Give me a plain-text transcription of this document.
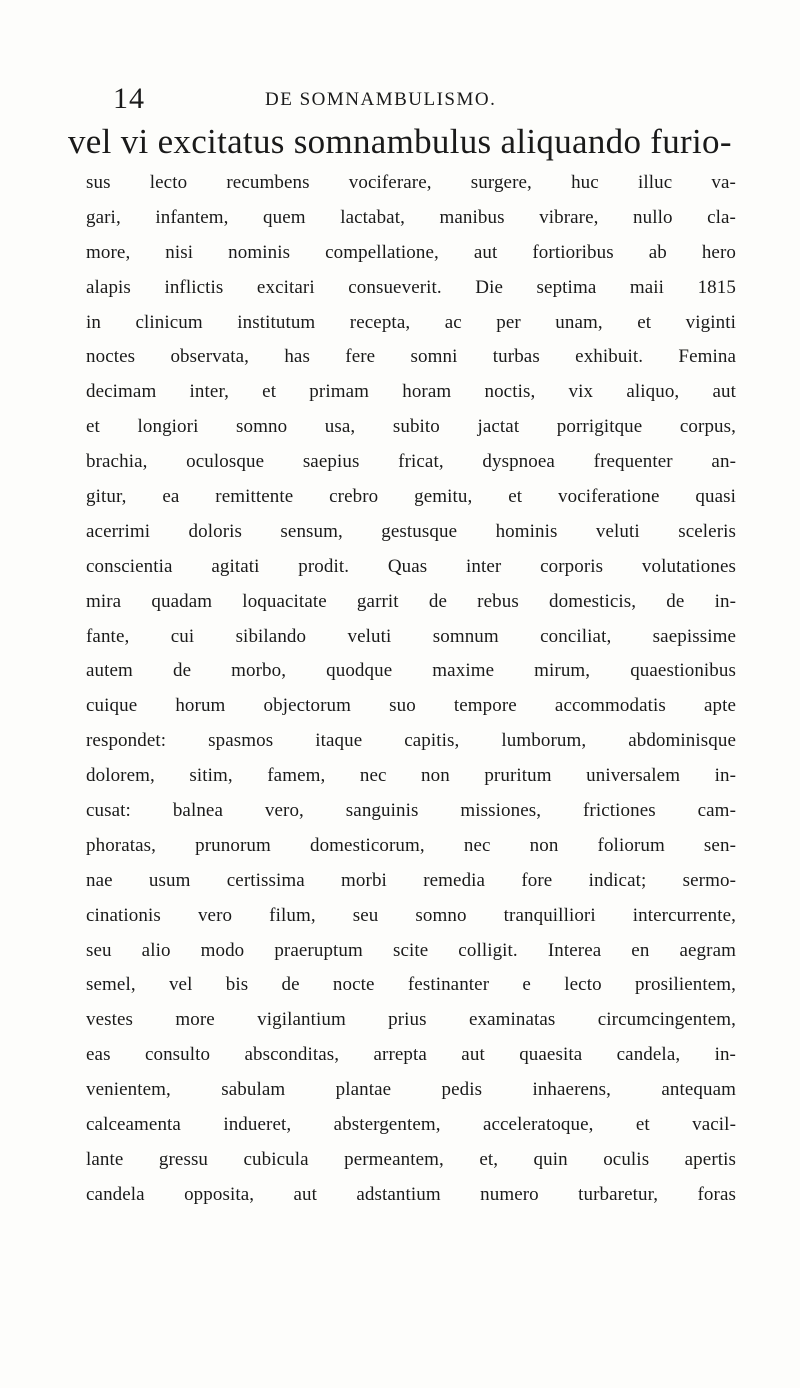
14	DE SOMNAMBULISMO.
vel vi excitatus somnambulus aliquando furio-
sus lecto recumbens vociferare, surgere, huc illuc va-
gari, infantem, quem lactabat, manibus vibrare, nullo cla-
more, nisi nominis compellatione, aut fortioribus ab hero
alapis inflictis excitari consueverit. Die septima maii 1815
in clinicum institutum recepta, ac per unam, et viginti
noctes observata, has fere somni turbas exhibuit. Femina
decimam inter, et primam horam noctis, vix aliquo, aut
et longiori somno usa, subito jactat porrigitque corpus,
brachia, oculosque saepius fricat, dyspnoea frequenter an-
gitur, ea remittente crebro gemitu, et vociferatione quasi
acerrimi doloris sensum, gestusque hominis veluti sceleris
conscientia agitati prodit. Quas inter corporis volutationes
mira quadam loquacitate garrit de rebus domesticis, de in-
fante, cui sibilando veluti somnum conciliat, saepissime
autem de morbo, quodque maxime mirum, quaestionibus
cuique horum objectorum suo tempore accommodatis apte
respondet: spasmos itaque capitis, lumborum, abdominisque
dolorem, sitim, famem, nec non pruritum universalem in-
cusat: balnea vero, sanguinis missiones, frictiones cam-
phoratas, prunorum domesticorum, nec non foliorum sen-
nae usum certissima morbi remedia fore indicat; sermo-
cinationis vero filum, seu somno tranquilliori intercurrente,
seu alio modo praeruptum scite colligit. Interea en aegram
semel, vel bis de nocte festinanter e lecto prosilientem,
vestes more vigilantium prius examinatas circumcingentem,
eas consulto absconditas, arrepta aut quaesita candela, in-
venientem, sabulam plantae pedis inhaerens, antequam
calceamenta indueret, abstergentem, acceleratoque, et vacil-
lante gressu cubicula permeantem, et, quin oculis apertis
candela opposita, aut adstantium numero turbaretur, foras
